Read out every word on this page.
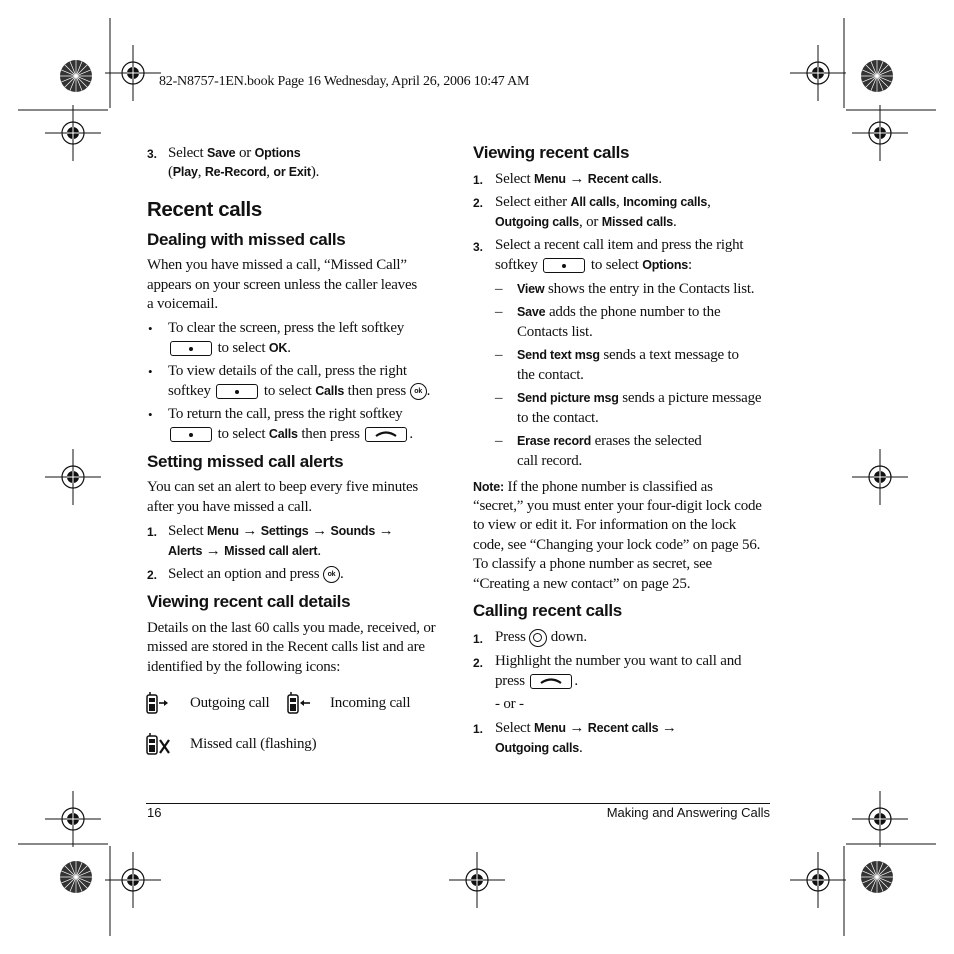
82-N8757-1EN.book Page 16 Wednesday, April 26, 2006 10:47 AM
3. Select Save or Options
(Play, Re-Record, or Exit).
Recent calls
Dealing with missed calls
When you have missed a call, “Missed Call”
appears on your screen unless the caller leaves
a voicemail.
• To clear the screen, press the left softkey
to select OK.
• To view details of the call, press the right
softkey	to select Calls then press ok .
• To return the call, press the right softkey
to select Calls then press	.
Setting missed call alerts
You can set an alert to beep every five minutes
after you have missed a call.
1. Select Menu → Settings → Sounds →
Alerts → Missed call alert.
2. Select an option and press ok .
Viewing recent call details
Details on the last 60 calls you made, received, or
missed are stored in the Recent calls list and are
identified by the following icons:
Outgoing call	Incoming call
Missed call (flashing)
Viewing recent calls
1. Select Menu → Recent calls.
2. Select either All calls, Incoming calls,
Outgoing calls, or Missed calls.
3. Select a recent call item and press the right
softkey	to select Options:
– View shows the entry in the Contacts list.
– Save adds the phone number to the
Contacts list.
– Send text msg sends a text message to
the contact.
– Send picture msg sends a picture message
to the contact.
– Erase record erases the selected
call record.
Note: If the phone number is classified as
“secret,” you must enter your four-digit lock code
to view or edit it. For information on the lock
code, see “Changing your lock code” on page 56.
To classify a phone number as secret, see
“Creating a new contact” on page 25.
Calling recent calls
1. Press down.
2. Highlight the number you want to call and
press	.
- or -
1. Select Menu → Recent calls →
Outgoing calls.
16	Making and Answering Calls
